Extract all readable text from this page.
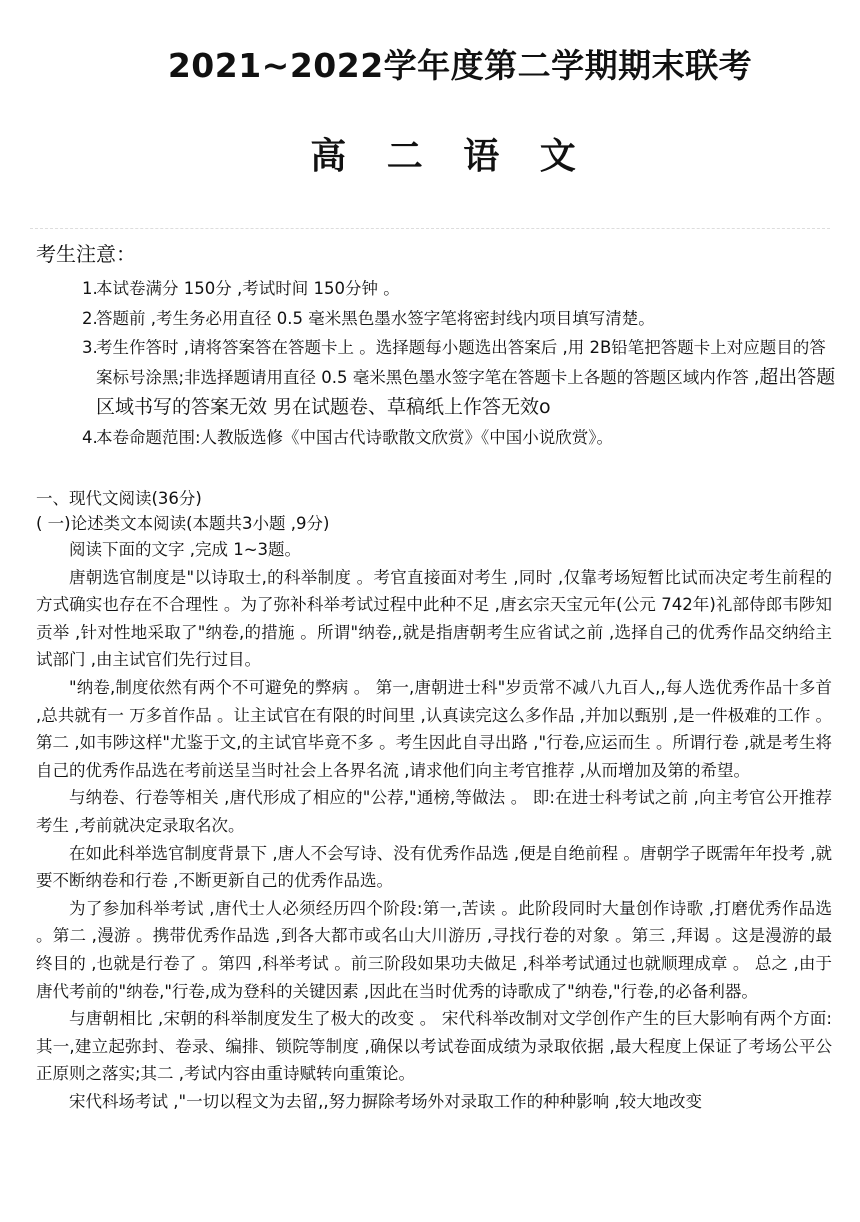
2021~2022学年度第二学期期末联考
高 二 语 文
考生注意：
1.
本试卷满分 150分 ,考试时间 150分钟 。
2.
答题前 ,考生务必用直径 0.5 毫米黑色墨水签字笔将密封线内项目填写清楚。
3.
考生作答时 ,请将答案答在答题卡上 。选择题每小题选出答案后 ,用 2B铅笔把答题卡上对应题目的答案标号涂黑;非选择题请用直径 0.5 毫米黑色墨水签字笔在答题卡上各题的答题区域内作答 ,超出答题区域书写的答案无效 男在试题卷、草稿纸上作答无效o
4.
本卷命题范围:人教版选修《中国古代诗歌散文欣赏》《中国小说欣赏》。
一、现代文阅读(36分)
( 一)论述类文本阅读(本题共3小题 ,9分)

阅读下面的文字 ,完成 1~3题。

唐朝选官制度是"以诗取士,的科举制度 。考官直接面对考生 ,同时 ,仅靠考场短暂比试而决定考生前程的方式确实也存在不合理性 。为了弥补科举考试过程中此种不足 ,唐玄宗天宝元年(公元 742年)礼部侍郎韦陟知贡举 ,针对性地采取了"纳卷,的措施 。所谓"纳卷,,就是指唐朝考生应省试之前 ,选择自己的优秀作品交纳给主试部门 ,由主试官们先行过目。

"纳卷,制度依然有两个不可避免的弊病 。 第一,唐朝进士科"岁贡常不减八九百人,,每人选优秀作品十多首 ,总共就有一 万多首作品 。让主试官在有限的时间里 ,认真读完这么多作品 ,并加以甄别 ,是一件极难的工作 。第二 ,如韦陟这样"尤鉴于文,的主试官毕竟不多 。考生因此自寻出路 ,"行卷,应运而生 。所谓行卷 ,就是考生将自己的优秀作品选在考前送呈当时社会上各界名流 ,请求他们向主考官推荐 ,从而增加及第的希望。

与纳卷、行卷等相关 ,唐代形成了相应的"公荐,"通榜,等做法 。 即:在进士科考试之前 ,向主考官公开推荐考生 ,考前就决定录取名次。

在如此科举选官制度背景下 ,唐人不会写诗、没有优秀作品选 ,便是自绝前程 。唐朝学子既需年年投考 ,就要不断纳卷和行卷 ,不断更新自己的优秀作品选。

为了参加科举考试 ,唐代士人必须经历四个阶段:第一,苦读 。此阶段同时大量创作诗歌 ,打磨优秀作品选 。第二 ,漫游 。携带优秀作品选 ,到各大都市或名山大川游历 ,寻找行卷的对象 。第三 ,拜谒 。这是漫游的最终目的 ,也就是行卷了 。第四 ,科举考试 。前三阶段如果功夫做足 ,科举考试通过也就顺理成章 。 总之 ,由于唐代考前的"纳卷,"行卷,成为登科的关键因素 ,因此在当时优秀的诗歌成了"纳卷,"行卷,的必备利器。

与唐朝相比 ,宋朝的科举制度发生了极大的改变 。 宋代科举改制对文学创作产生的巨大影响有两个方面:其一,建立起弥封、卷录、编排、锁院等制度 ,确保以考试卷面成绩为录取依据 ,最大程度上保证了考场公平公正原则之落实;其二 ,考试内容由重诗赋转向重策论。

宋代科场考试 ,"一切以程文为去留,,努力摒除考场外对录取工作的种种影响 ,较大地改变
